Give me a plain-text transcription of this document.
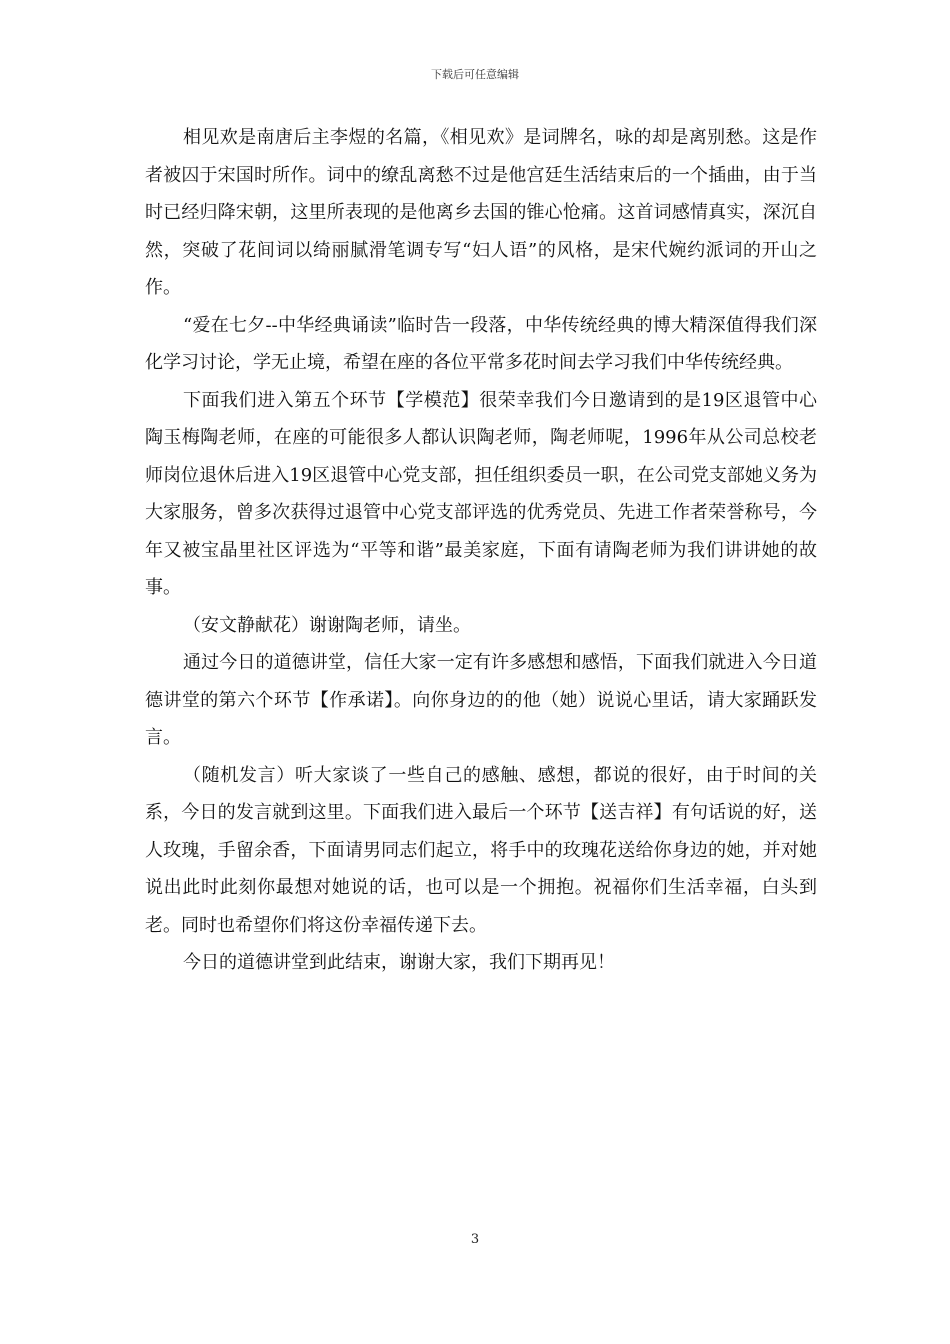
下载后可任意编辑

相见欢是南唐后主李煜的名篇，《相见欢》是词牌名，咏的却是离别愁。这是作者被囚于宋国时所作。词中的缭乱离愁不过是他宫廷生活结束后的一个插曲，由于当时已经归降宋朝，这里所表现的是他离乡去国的锥心怆痛。这首词感情真实，深沉自然，突破了花间词以绮丽腻滑笔调专写“妇人语”的风格，是宋代婉约派词的开山之作。

“爱在七夕--中华经典诵读”临时告一段落，中华传统经典的博大精深值得我们深化学习讨论，学无止境，希望在座的各位平常多花时间去学习我们中华传统经典。

下面我们进入第五个环节【学模范】很荣幸我们今日邀请到的是19区退管中心陶玉梅陶老师，在座的可能很多人都认识陶老师，陶老师呢，1996年从公司总校老师岗位退休后进入19区退管中心党支部，担任组织委员一职，在公司党支部她义务为大家服务，曾多次获得过退管中心党支部评选的优秀党员、先进工作者荣誉称号，今年又被宝晶里社区评选为“平等和谐”最美家庭，下面有请陶老师为我们讲讲她的故事。

（安文静献花）谢谢陶老师，请坐。

通过今日的道德讲堂，信任大家一定有许多感想和感悟，下面我们就进入今日道德讲堂的第六个环节【作承诺】。向你身边的的他（她）说说心里话，请大家踊跃发言。

（随机发言）听大家谈了一些自己的感触、感想，都说的很好，由于时间的关系，今日的发言就到这里。下面我们进入最后一个环节【送吉祥】有句话说的好，送人玫瑰，手留余香，下面请男同志们起立，将手中的玫瑰花送给你身边的她，并对她说出此时此刻你最想对她说的话，也可以是一个拥抱。祝福你们生活幸福，白头到老。同时也希望你们将这份幸福传递下去。

今日的道德讲堂到此结束，谢谢大家，我们下期再见！

3
